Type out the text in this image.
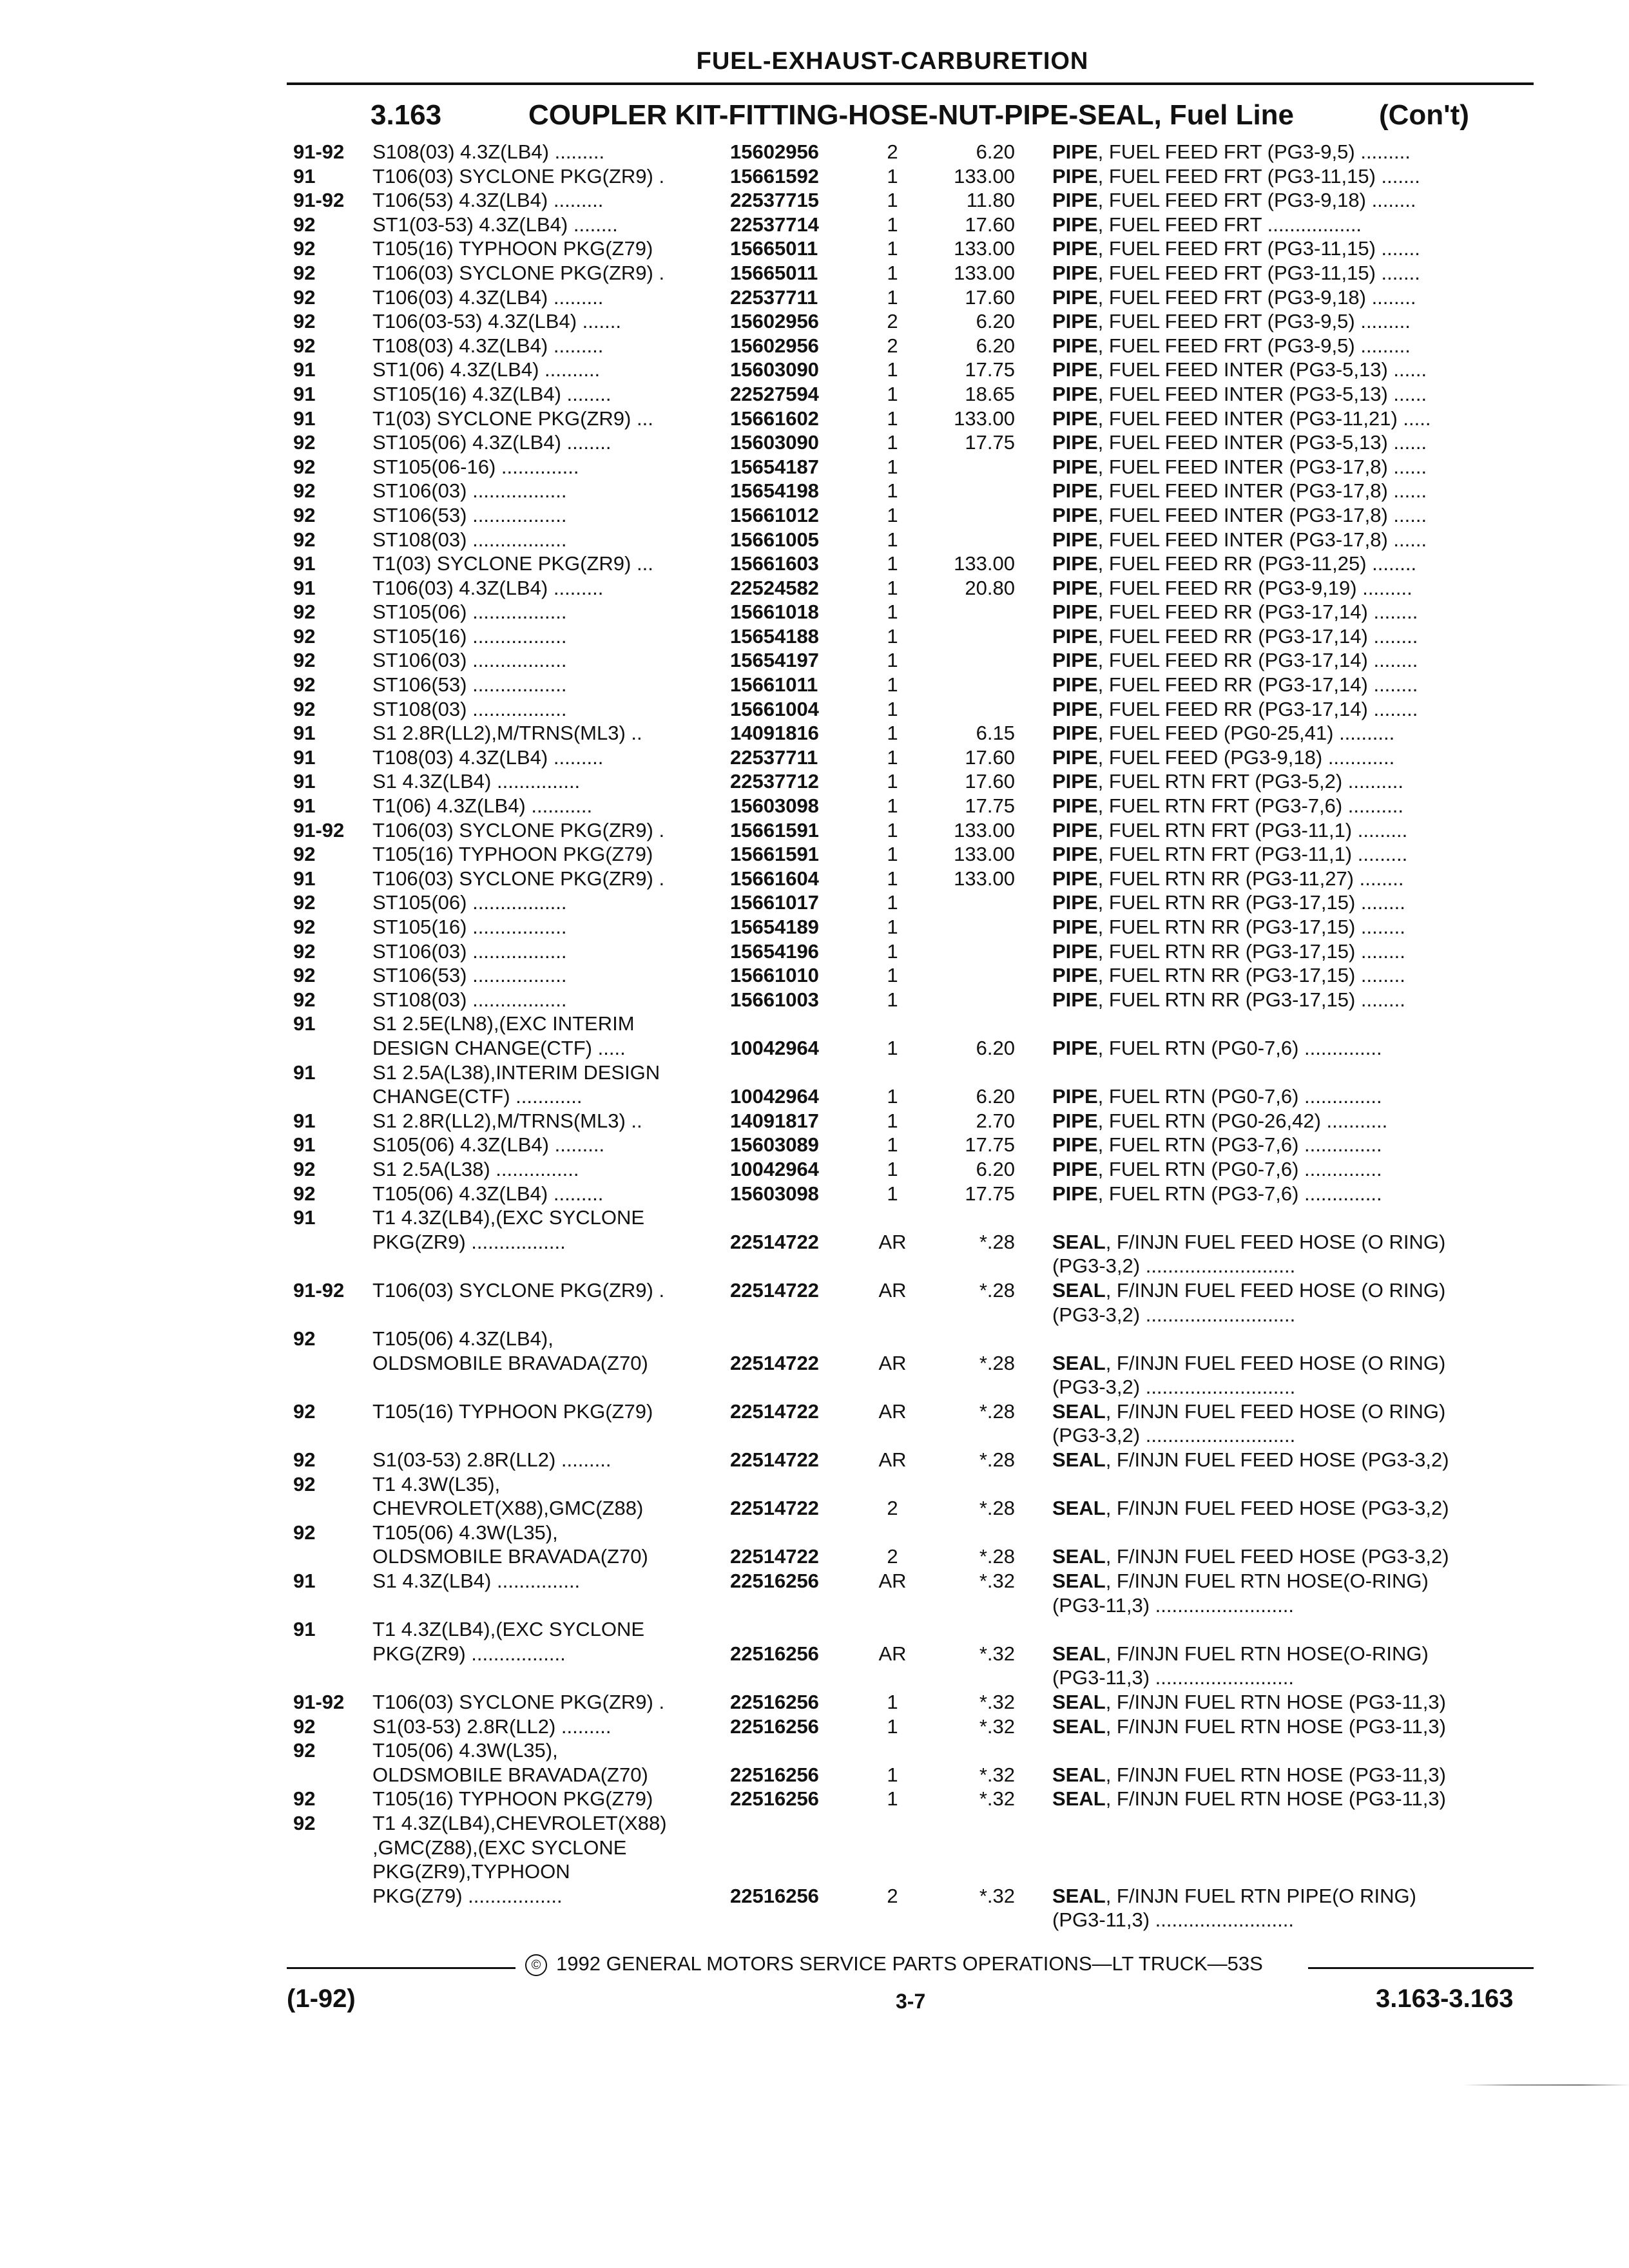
FUEL-EXHAUST-CARBURETION
3.163	COUPLER KIT-FITTING-HOSE-NUT-PIPE-SEAL, Fuel Line	(Con't)
91-92 S108(03) 4.3Z(LB4) .........	15602956	2	6.20 PIPE, FUEL FEED FRT (PG3-9,5) .........
91	T106(03) SYCLONE PKG(ZR9) .	15661592	1	133.00 PIPE, FUEL FEED FRT (PG3-11,15) .......
91-92 T106(53) 4.3Z(LB4) .........	22537715	1	11.80 PIPE, FUEL FEED FRT (PG3-9,18) ........
92	ST1(03-53) 4.3Z(LB4) ........	22537714	1	17.60 PIPE, FUEL FEED FRT .................
92	T105(16) TYPHOON PKG(Z79)	15665011	1	133.00 PIPE, FUEL FEED FRT (PG3-11,15) .......
92	T106(03) SYCLONE PKG(ZR9) .	15665011	1	133.00 PIPE, FUEL FEED FRT (PG3-11,15) .......
92	T106(03) 4.3Z(LB4) .........	22537711	1	17.60 PIPE, FUEL FEED FRT (PG3-9,18) ........
92	T106(03-53) 4.3Z(LB4) .......	15602956	2	6.20 PIPE, FUEL FEED FRT (PG3-9,5) .........
92	T108(03) 4.3Z(LB4) .........	15602956	2	6.20 PIPE, FUEL FEED FRT (PG3-9,5) .........
91	ST1(06) 4.3Z(LB4) ..........	15603090	1	17.75 PIPE, FUEL FEED INTER (PG3-5,13) ......
91	ST105(16) 4.3Z(LB4) ........	22527594	1	18.65 PIPE, FUEL FEED INTER (PG3-5,13) ......
91	T1(03) SYCLONE PKG(ZR9) ...	15661602	1	133.00 PIPE, FUEL FEED INTER (PG3-11,21) .....
92	ST105(06) 4.3Z(LB4) ........	15603090	1	17.75 PIPE, FUEL FEED INTER (PG3-5,13) ......
92	ST105(06-16) ..............	15654187	1	PIPE, FUEL FEED INTER (PG3-17,8) ......
92	ST106(03) .................	15654198	1	PIPE, FUEL FEED INTER (PG3-17,8) ......
92	ST106(53) .................	15661012	1	PIPE, FUEL FEED INTER (PG3-17,8) ......
92	ST108(03) .................	15661005	1	PIPE, FUEL FEED INTER (PG3-17,8) ......
91	T1(03) SYCLONE PKG(ZR9) ...	15661603	1	133.00 PIPE, FUEL FEED RR (PG3-11,25) ........
91	T106(03) 4.3Z(LB4) .........	22524582	1	20.80 PIPE, FUEL FEED RR (PG3-9,19) .........
92	ST105(06) .................	15661018	1	PIPE, FUEL FEED RR (PG3-17,14) ........
92	ST105(16) .................	15654188	1	PIPE, FUEL FEED RR (PG3-17,14) ........
92	ST106(03) .................	15654197	1	PIPE, FUEL FEED RR (PG3-17,14) ........
92	ST106(53) .................	15661011	1	PIPE, FUEL FEED RR (PG3-17,14) ........
92	ST108(03) .................	15661004	1	PIPE, FUEL FEED RR (PG3-17,14) ........
91	S1 2.8R(LL2),M/TRNS(ML3) ..	14091816	1	6.15 PIPE, FUEL FEED (PG0-25,41) ..........
91	T108(03) 4.3Z(LB4) .........	22537711	1	17.60 PIPE, FUEL FEED (PG3-9,18) ............
91	S1 4.3Z(LB4) ...............	22537712	1	17.60 PIPE, FUEL RTN FRT (PG3-5,2) ..........
91	T1(06) 4.3Z(LB4) ...........	15603098	1	17.75 PIPE, FUEL RTN FRT (PG3-7,6) ..........
91-92 T106(03) SYCLONE PKG(ZR9) .	15661591	1	133.00 PIPE, FUEL RTN FRT (PG3-11,1) .........
92	T105(16) TYPHOON PKG(Z79)	15661591	1	133.00 PIPE, FUEL RTN FRT (PG3-11,1) .........
91	T106(03) SYCLONE PKG(ZR9) .	15661604	1	133.00 PIPE, FUEL RTN RR (PG3-11,27) ........
92	ST105(06) .................	15661017	1	PIPE, FUEL RTN RR (PG3-17,15) ........
92	ST105(16) .................	15654189	1	PIPE, FUEL RTN RR (PG3-17,15) ........
92	ST106(03) .................	15654196	1	PIPE, FUEL RTN RR (PG3-17,15) ........
92	ST106(53) .................	15661010	1	PIPE, FUEL RTN RR (PG3-17,15) ........
92	ST108(03) .................	15661003	1	PIPE, FUEL RTN RR (PG3-17,15) ........
91	S1 2.5E(LN8),(EXC INTERIM
DESIGN CHANGE(CTF) .....	10042964	1	6.20 PIPE, FUEL RTN (PG0-7,6) ..............
91	S1 2.5A(L38),INTERIM DESIGN
CHANGE(CTF) ............	10042964	1	6.20 PIPE, FUEL RTN (PG0-7,6) ..............
91	S1 2.8R(LL2),M/TRNS(ML3) ..	14091817	1	2.70 PIPE, FUEL RTN (PG0-26,42) ...........
91	S105(06) 4.3Z(LB4) .........	15603089	1	17.75 PIPE, FUEL RTN (PG3-7,6) ..............
92	S1 2.5A(L38) ...............	10042964	1	6.20 PIPE, FUEL RTN (PG0-7,6) ..............
92	T105(06) 4.3Z(LB4) .........	15603098	1	17.75 PIPE, FUEL RTN (PG3-7,6) ..............
91	T1 4.3Z(LB4),(EXC SYCLONE
PKG(ZR9) .................	22514722	AR	*.28 SEAL, F/INJN FUEL FEED HOSE (O RING)
(PG3-3,2) ...........................
91-92 T106(03) SYCLONE PKG(ZR9) .	22514722	AR	*.28 SEAL, F/INJN FUEL FEED HOSE (O RING)
(PG3-3,2) ...........................
92	T105(06) 4.3Z(LB4),
OLDSMOBILE BRAVADA(Z70)	22514722	AR	*.28 SEAL, F/INJN FUEL FEED HOSE (O RING)
(PG3-3,2) ...........................
92	T105(16) TYPHOON PKG(Z79)	22514722	AR	*.28 SEAL, F/INJN FUEL FEED HOSE (O RING)
(PG3-3,2) ...........................
92	S1(03-53) 2.8R(LL2) .........	22514722	AR	*.28 SEAL, F/INJN FUEL FEED HOSE (PG3-3,2)
92	T1 4.3W(L35),
CHEVROLET(X88),GMC(Z88)	22514722	2	*.28 SEAL, F/INJN FUEL FEED HOSE (PG3-3,2)
92	T105(06) 4.3W(L35),
OLDSMOBILE BRAVADA(Z70)	22514722	2	*.28 SEAL, F/INJN FUEL FEED HOSE (PG3-3,2)
91	S1 4.3Z(LB4) ...............	22516256	AR	*.32 SEAL, F/INJN FUEL RTN HOSE(O-RING)
(PG3-11,3) .........................
91	T1 4.3Z(LB4),(EXC SYCLONE
PKG(ZR9) .................	22516256	AR	*.32 SEAL, F/INJN FUEL RTN HOSE(O-RING)
(PG3-11,3) .........................
91-92 T106(03) SYCLONE PKG(ZR9) .	22516256	1	*.32 SEAL, F/INJN FUEL RTN HOSE (PG3-11,3)
92	S1(03-53) 2.8R(LL2) .........	22516256	1	*.32 SEAL, F/INJN FUEL RTN HOSE (PG3-11,3)
92	T105(06) 4.3W(L35),
OLDSMOBILE BRAVADA(Z70)	22516256	1	*.32 SEAL, F/INJN FUEL RTN HOSE (PG3-11,3)
92	T105(16) TYPHOON PKG(Z79)	22516256	1	*.32 SEAL, F/INJN FUEL RTN HOSE (PG3-11,3)
92	T1 4.3Z(LB4),CHEVROLET(X88)
,GMC(Z88),(EXC SYCLONE
PKG(ZR9),TYPHOON
PKG(Z79) .................	22516256	2	*.32 SEAL, F/INJN FUEL RTN PIPE(O RING)
(PG3-11,3) .........................
© 1992 GENERAL MOTORS SERVICE PARTS OPERATIONS—LT TRUCK—53S
(1-92)	3-7	3.163-3.163
